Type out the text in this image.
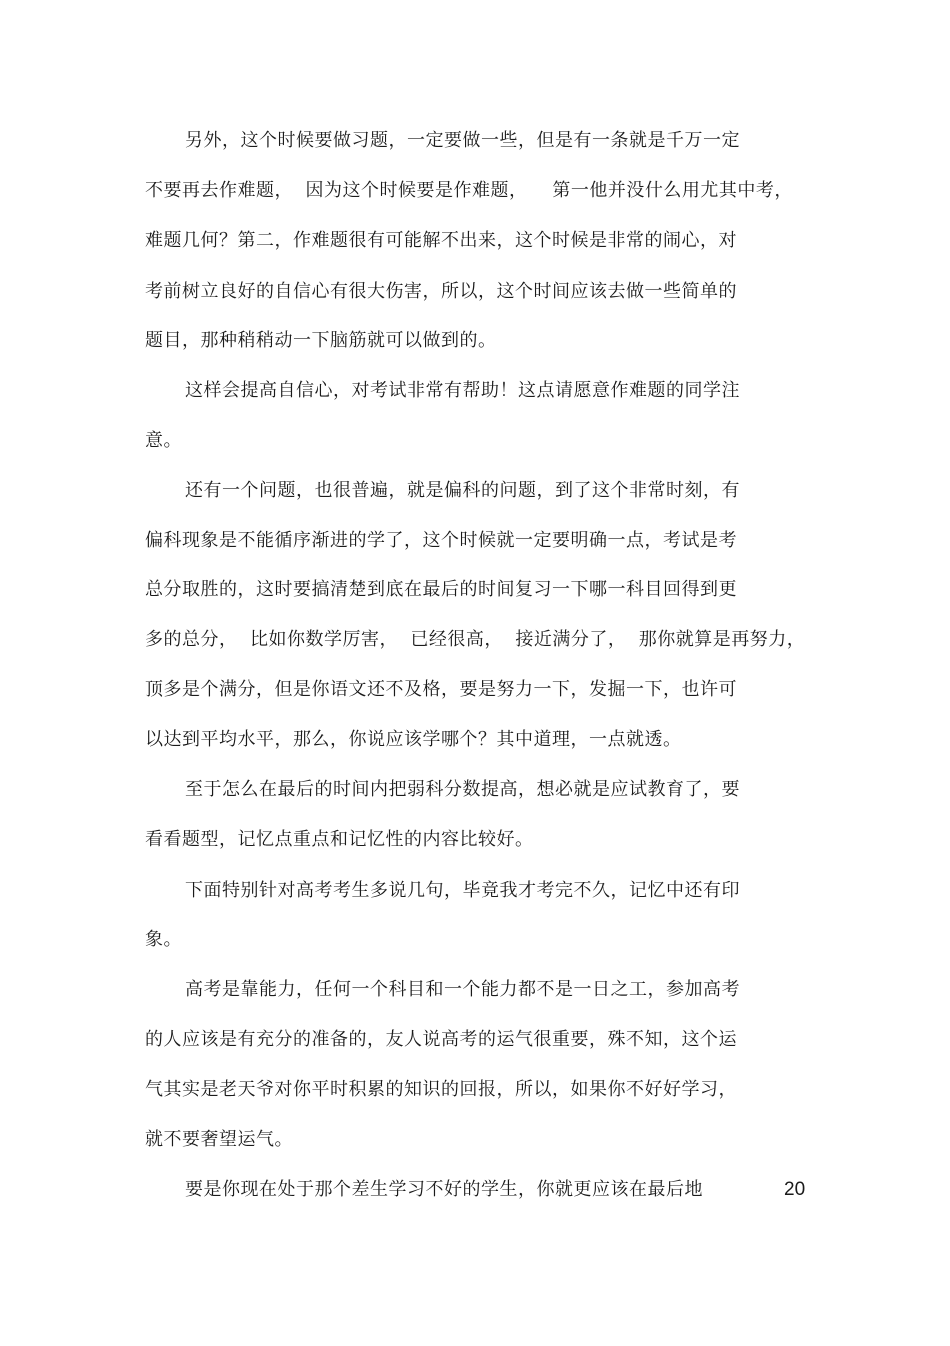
另外，这个时候要做习题，一定要做一些，但是有一条就是千万一定
不要再去作难题，  因为这个时候要是作难题，    第一他并没什么用尤其中考，
难题几何？第二，作难题很有可能解不出来，这个时候是非常的闹心，对
考前树立良好的自信心有很大伤害，所以，这个时间应该去做一些简单的
题目，那种稍稍动一下脑筋就可以做到的。
这样会提高自信心，对考试非常有帮助！这点请愿意作难题的同学注
意。
还有一个问题，也很普遍，就是偏科的问题，到了这个非常时刻，有
偏科现象是不能循序渐进的学了，这个时候就一定要明确一点，考试是考
总分取胜的，这时要搞清楚到底在最后的时间复习一下哪一科目回得到更
多的总分，  比如你数学厉害，  已经很高，  接近满分了，  那你就算是再努力，
顶多是个满分，但是你语文还不及格，要是努力一下，发掘一下，也许可
以达到平均水平，那么，你说应该学哪个？其中道理，一点就透。
至于怎么在最后的时间内把弱科分数提高，想必就是应试教育了，要
看看题型，记忆点重点和记忆性的内容比较好。
下面特别针对高考考生多说几句，毕竟我才考完不久，记忆中还有印
象。
高考是靠能力，任何一个科目和一个能力都不是一日之工，参加高考
的人应该是有充分的准备的，友人说高考的运气很重要，殊不知，这个运
气其实是老天爷对你平时积累的知识的回报，所以，如果你不好好学习，
就不要奢望运气。
要是你现在处于那个差生学习不好的学生，你就更应该在最后地	20
